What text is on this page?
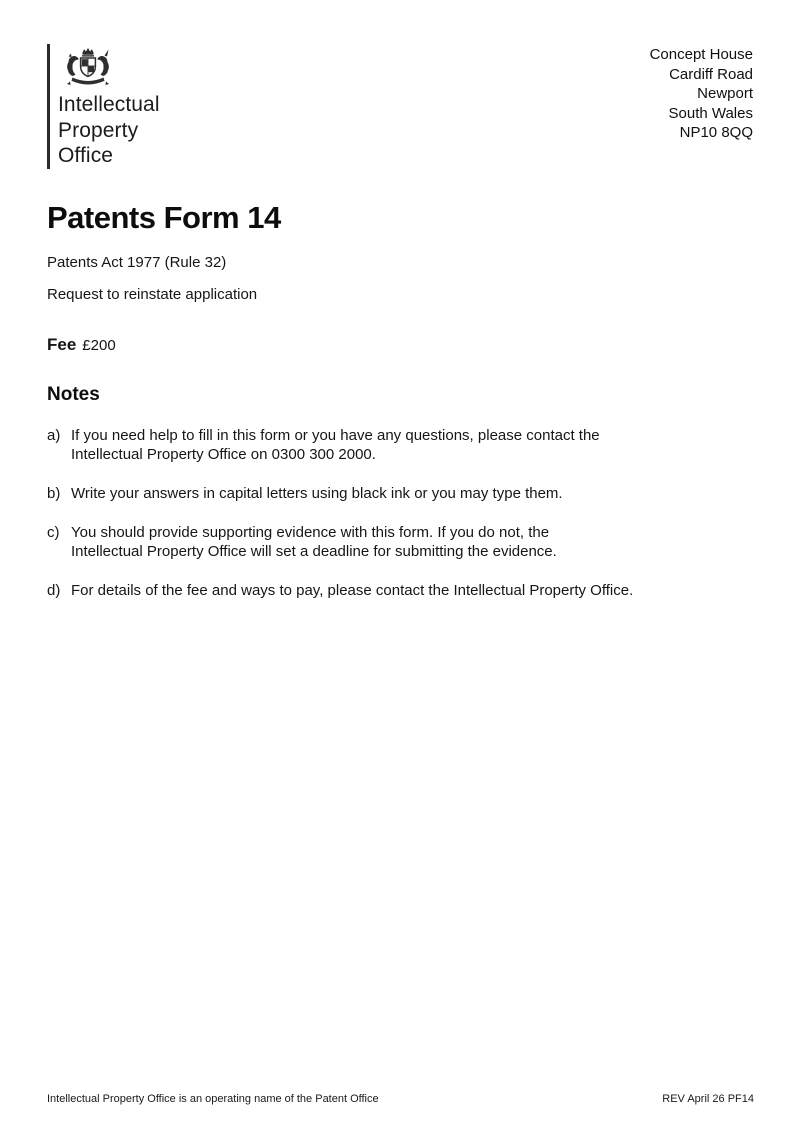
Intellectual
Property
Office
Concept House
Cardiff Road
Newport
South Wales
NP10 8QQ
Patents Form 14
Patents Act 1977 (Rule 32)
Request to reinstate application
Fee £200
Notes
a) If you need help to fill in this form or you have any questions, please contact the
Intellectual Property Office on 0300 300 2000.
b) Write your answers in capital letters using black ink or you may type them.
c) You should provide supporting evidence with this form. If you do not, the
Intellectual Property Office will set a deadline for submitting the evidence.
d) For details of the fee and ways to pay, please contact the Intellectual Property Office.
Intellectual Property Office is an operating name of the Patent Office	REV April 26 PF14
